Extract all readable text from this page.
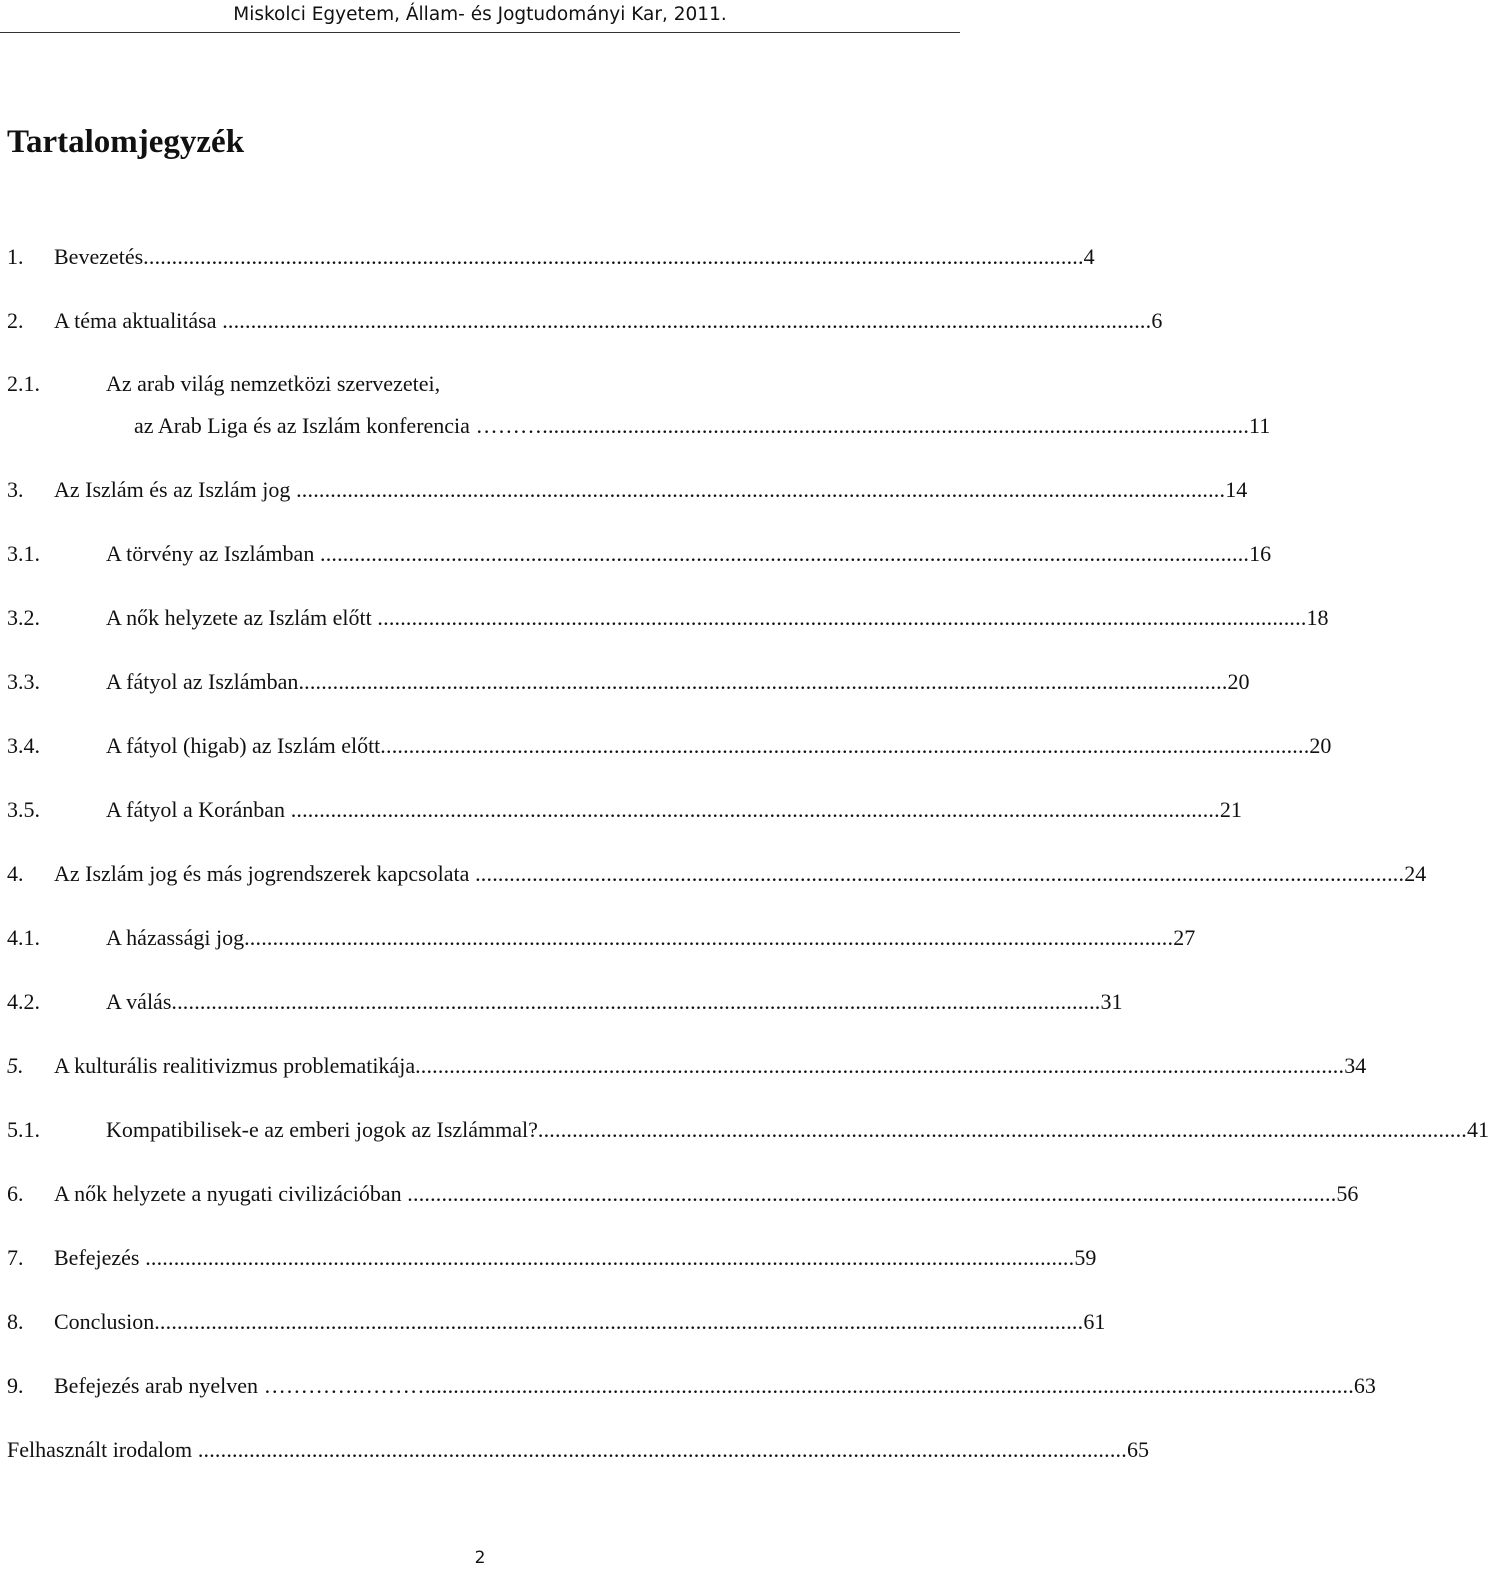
Miskolci Egyetem, Állam- és Jogtudományi Kar, 2011.
Tartalomjegyzék
1. Bevezetés ..................................................................................................................................................................... 4
2. A téma aktualitása ................................................................................................................................................................... 6
2.1.	Az arab világ nemzetközi szervezetei,
az Arab Liga és az Iszlám konferencia ………............................................................................................................................ 11
3. Az Iszlám és az Iszlám jog ................................................................................................................................................................... 14
3.1.	A törvény az Iszlámban ................................................................................................................................................................... 16
3.2.	A nők helyzete az Iszlám előtt ................................................................................................................................................................... 18
3.3.	A fátyol az Iszlámban ................................................................................................................................................................... 20
3.4.	A fátyol (higab) az Iszlám előtt ................................................................................................................................................................... 20
3.5.	A fátyol a Koránban ................................................................................................................................................................... 21
4. Az Iszlám jog és más jogrendszerek kapcsolata ................................................................................................................................................................... 24
4.1.	A házassági jog ................................................................................................................................................................... 27
4.2.	A válás ................................................................................................................................................................... 31
5. A kulturális realitivizmus problematikája ................................................................................................................................................................... 34
5.1.	Kompatibilisek-e az emberi jogok az Iszlámmal? ................................................................................................................................................................... 41
6. A nők helyzete a nyugati civilizációban ................................................................................................................................................................... 56
7. Befejezés ................................................................................................................................................................... 59
8. Conclusion ................................................................................................................................................................... 61
9. Befejezés arab nyelven ………….………................................................................................................................................................................... 63
Felhasznált irodalom ................................................................................................................................................................... 65
2
